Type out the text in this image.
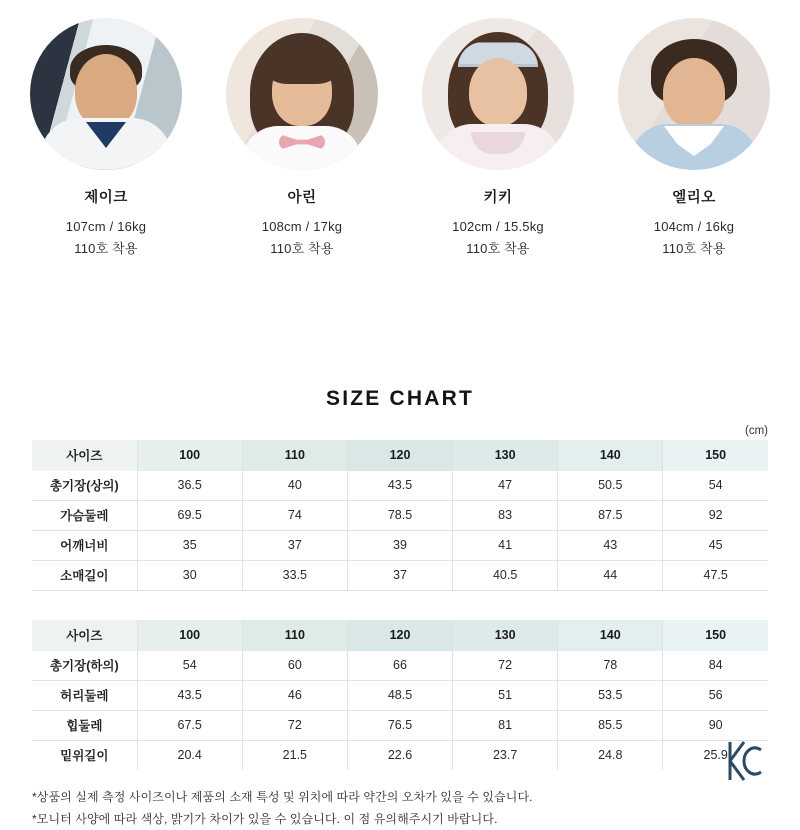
제이크
107cm / 16kg
110호 착용
아린
108cm / 17kg
110호 착용
키키
102cm / 15.5kg
110호 착용
엘리오
104cm / 16kg
110호 착용
SIZE CHART
(cm)
사이즈	100	110	120	130	140	150
총기장(상의)	36.5	40	43.5	47	50.5	54
가슴둘레	69.5	74	78.5	83	87.5	92
어깨너비	35	37	39	41	43	45
소매길이	30	33.5	37	40.5	44	47.5

사이즈	100	110	120	130	140	150
총기장(하의)	54	60	66	72	78	84
허리둘레	43.5	46	48.5	51	53.5	56
힙둘레	67.5	72	76.5	81	85.5	90
밑위길이	20.4	21.5	22.6	23.7	24.8	25.9
*상품의 실제 측정 사이즈이나 제품의 소재 특성 및 위치에 따라 약간의 오차가 있을 수 있습니다.
*모니터 사양에 따라 색상, 밝기가 차이가 있을 수 있습니다. 이 점 유의해주시기 바랍니다.
